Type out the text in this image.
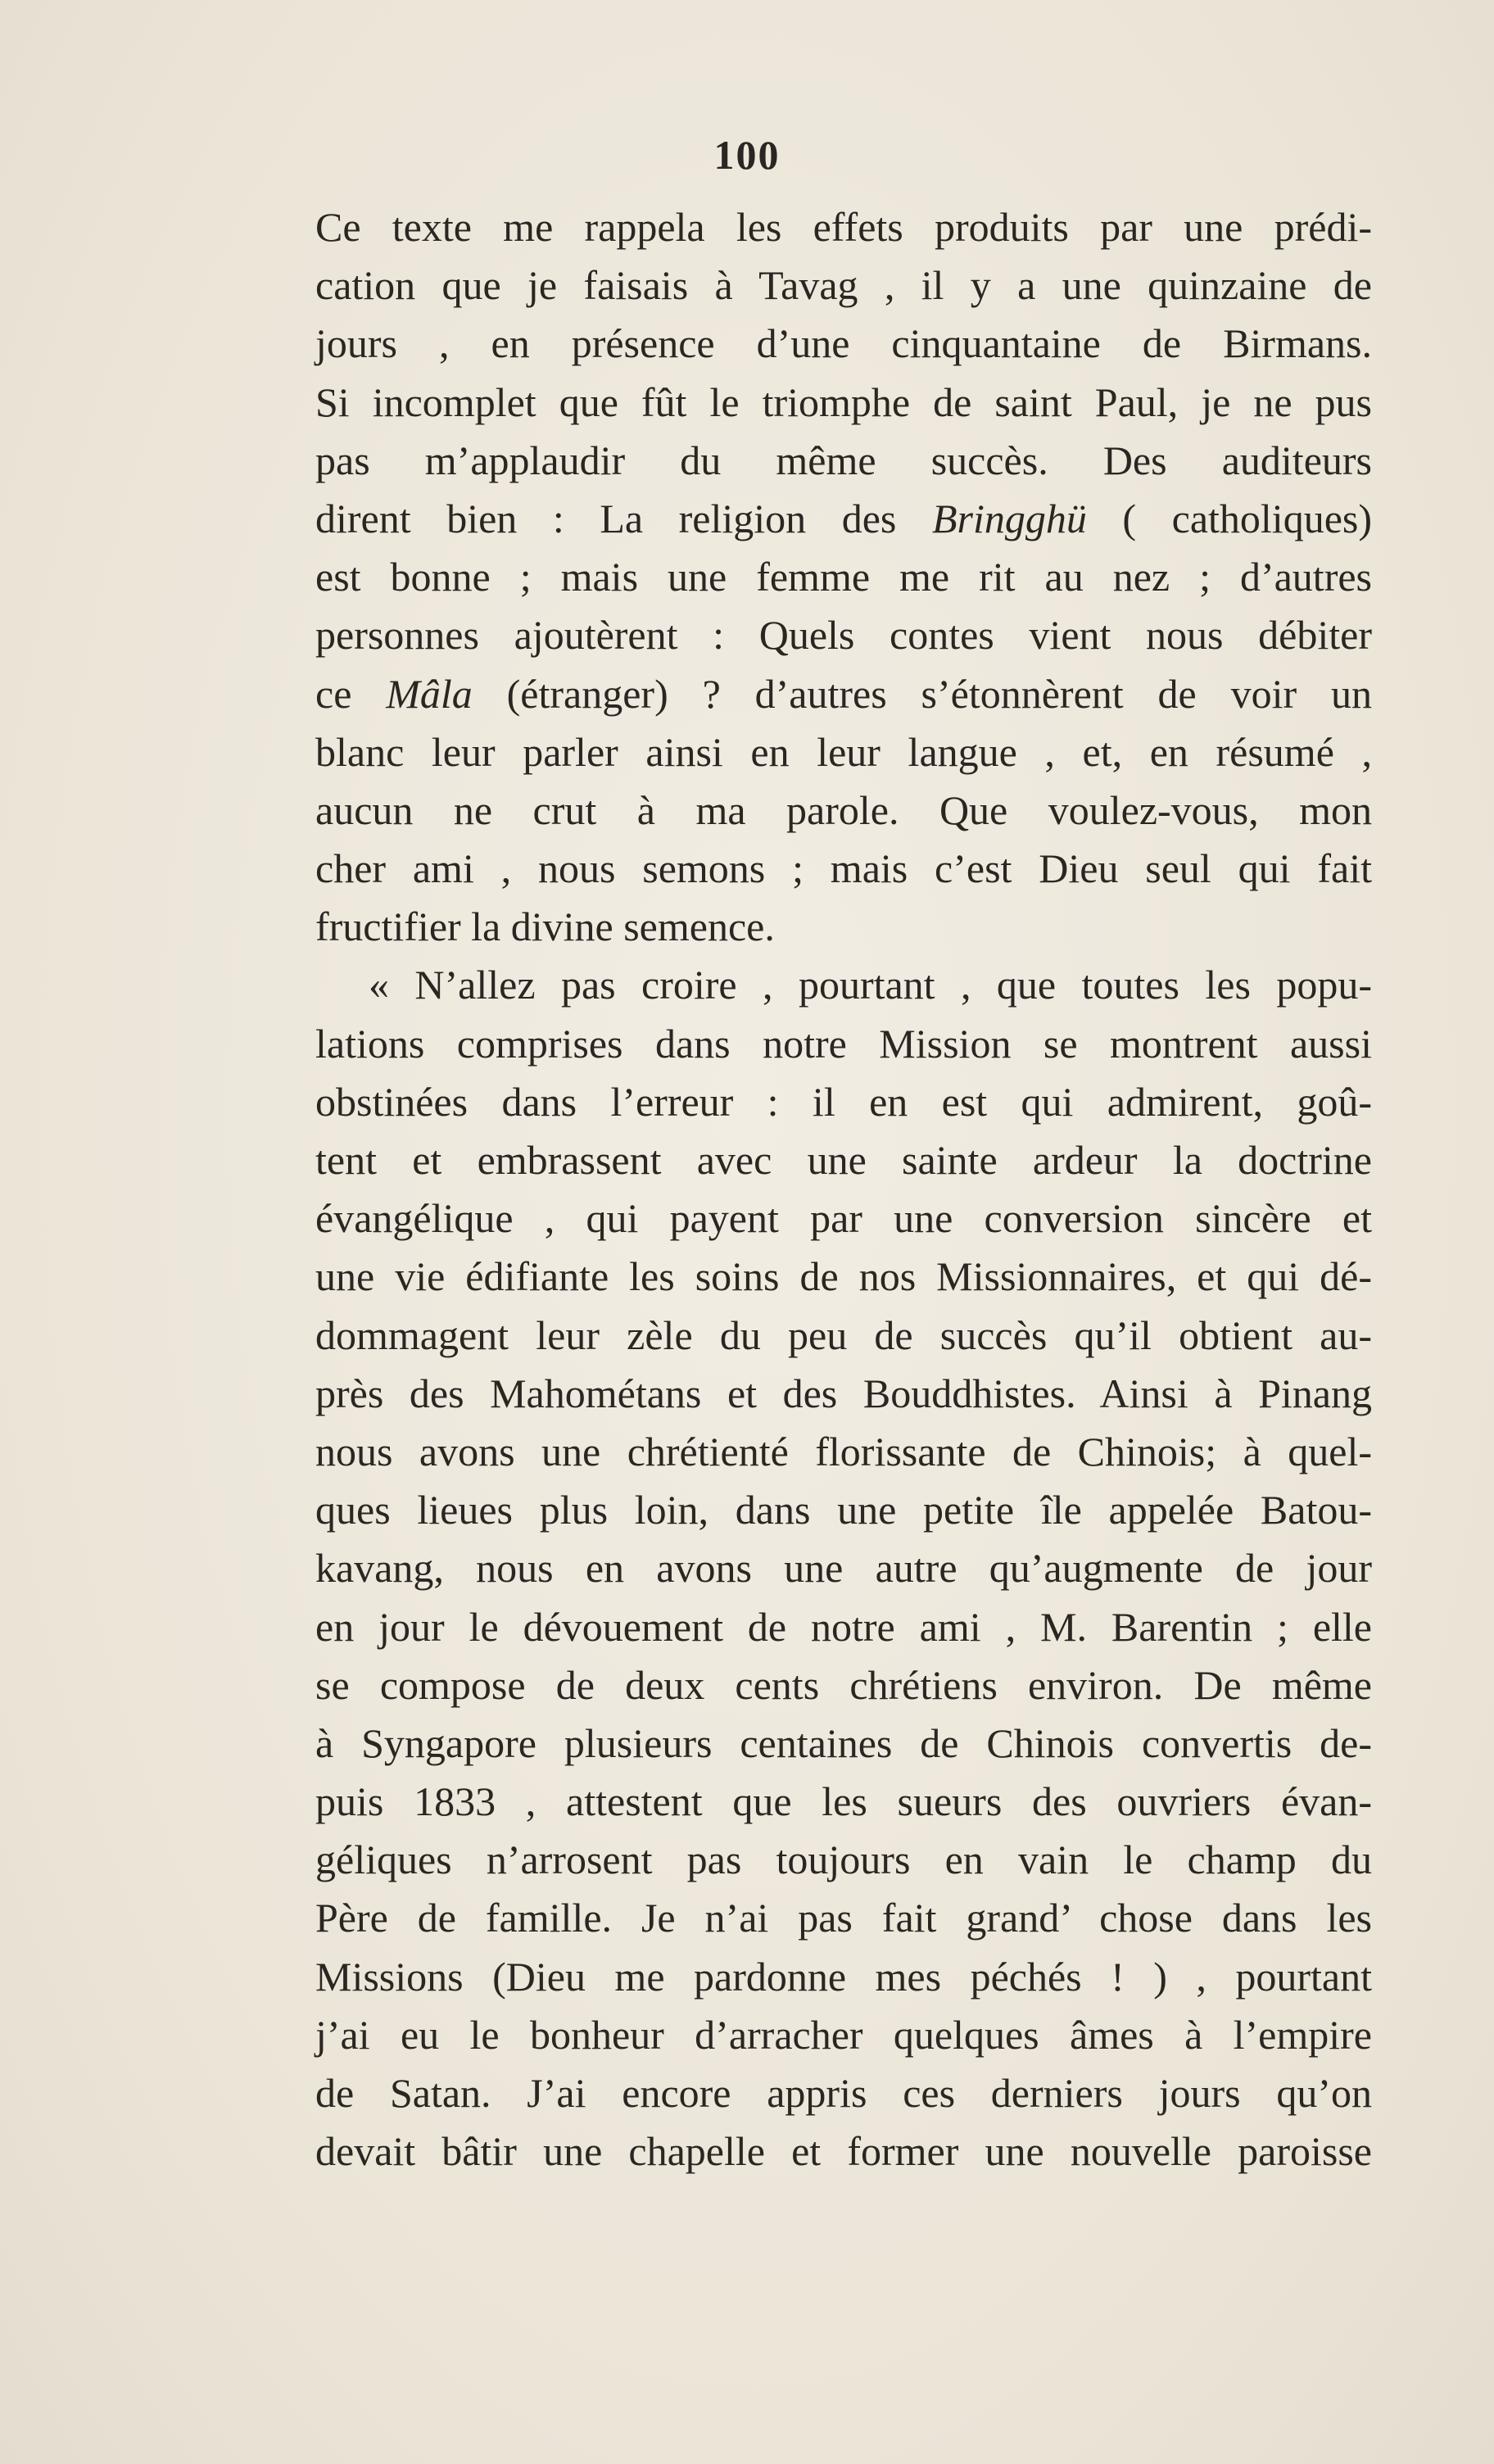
100
Ce texte me rappela les effets produits par une prédi-
cation que je faisais à Tavag , il y a une quinzaine de
jours , en présence d’une cinquantaine de Birmans.
Si incomplet que fût le triomphe de saint Paul, je ne pus
pas m’applaudir du même succès. Des auditeurs
dirent bien : La religion des Bringghü ( catholiques)
est bonne ; mais une femme me rit au nez ; d’autres
personnes ajoutèrent : Quels contes vient nous débiter
ce Mâla (étranger) ? d’autres s’étonnèrent de voir un
blanc leur parler ainsi en leur langue , et, en résumé ,
aucun ne crut à ma parole. Que voulez-vous, mon
cher ami , nous semons ; mais c’est Dieu seul qui fait
fructifier la divine semence.
« N’allez pas croire , pourtant , que toutes les popu-
lations comprises dans notre Mission se montrent aussi
obstinées dans l’erreur : il en est qui admirent, goû-
tent et embrassent avec une sainte ardeur la doctrine
évangélique , qui payent par une conversion sincère et
une vie édifiante les soins de nos Missionnaires, et qui dé-
dommagent leur zèle du peu de succès qu’il obtient au-
près des Mahométans et des Bouddhistes. Ainsi à Pinang
nous avons une chrétienté florissante de Chinois; à quel-
ques lieues plus loin, dans une petite île appelée Batou-
kavang, nous en avons une autre qu’augmente de jour
en jour le dévouement de notre ami , M. Barentin ; elle
se compose de deux cents chrétiens environ. De même
à Syngapore plusieurs centaines de Chinois convertis de-
puis 1833 , attestent que les sueurs des ouvriers évan-
géliques n’arrosent pas toujours en vain le champ du
Père de famille. Je n’ai pas fait grand’ chose dans les
Missions (Dieu me pardonne mes péchés ! ) , pourtant
j’ai eu le bonheur d’arracher quelques âmes à l’empire
de Satan. J’ai encore appris ces derniers jours qu’on
devait bâtir une chapelle et former une nouvelle paroisse
